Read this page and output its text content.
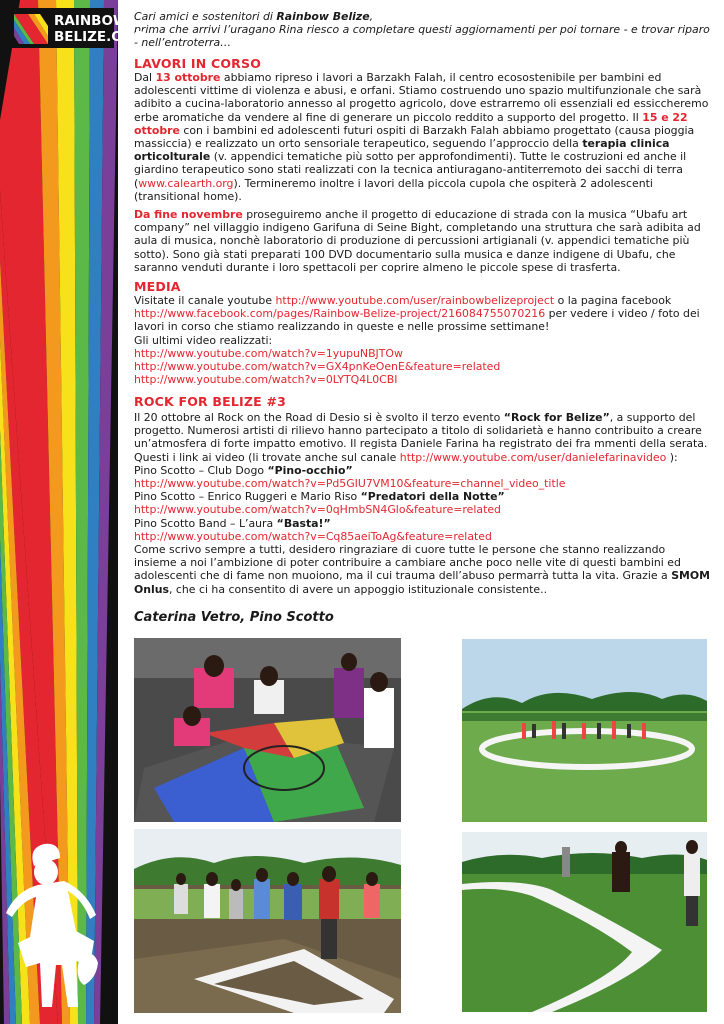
RAINBOW
BELIZE.ORG
Cari amici e sostenitori di Rainbow Belize,
prima che arrivi l’uragano Rina riesco a completare questi aggiornamenti per poi tornare - e trovar riparo - nell’entroterra…
LAVORI IN CORSO
Dal 13 ottobre abbiamo ripreso i lavori a Barzakh Falah, il centro ecosostenibile per bambini ed adolescenti vittime di violenza e abusi, e orfani. Stiamo costruendo uno spazio multifunzionale che sarà adibito a cucina-laboratorio annesso al progetto agricolo, dove estrarremo oli essenziali ed essiccheremo erbe aromatiche da vendere al fine di generare un piccolo reddito a supporto del progetto. Il 15 e 22 ottobre con i bambini ed adolescenti futuri ospiti di Barzakh Falah abbiamo progettato (causa pioggia massiccia) e realizzato un orto sensoriale terapeutico, seguendo l’approccio della terapia clinica orticolturale (v. appendici tematiche più sotto per approfondimenti). Tutte le costruzioni ed anche il giardino terapeutico sono stati realizzati con la tecnica antiuragano-antiterremoto dei sacchi di terra (www.calearth.org). Termineremo inoltre i lavori della piccola cupola che ospiterà 2 adolescenti (transitional home).
Da fine novembre proseguiremo anche il progetto di educazione di strada con la musica “Ubafu art company” nel villaggio indigeno Garifuna di Seine Bight, completando una struttura che sarà adibita ad aula di musica, nonchè laboratorio di produzione di percussioni artigianali (v. appendici tematiche più sotto). Sono già stati preparati 100 DVD documentario sulla musica e danze indigene di Ubafu, che saranno venduti durante i loro spettacoli per coprire almeno le piccole spese di trasferta.
MEDIA
Visitate il canale youtube http://www.youtube.com/user/rainbowbelizeproject o la pagina facebook http://www.facebook.com/pages/Rainbow-Belize-project/216084755070216 per vedere i video / foto dei lavori in corso che stiamo realizzando in queste e nelle prossime settimane!
Gli ultimi video realizzati:
http://www.youtube.com/watch?v=1yupuNBJTOw
http://www.youtube.com/watch?v=GX4pnKeOenE&feature=related
http://www.youtube.com/watch?v=0LYTQ4L0CBI
ROCK FOR BELIZE #3
Il 20 ottobre al Rock on the Road di Desio si è svolto il terzo evento “Rock for Belize”, a supporto del progetto. Numerosi artisti di rilievo hanno partecipato a titolo di solidarietà e hanno contribuito a creare un’atmosfera di forte impatto emotivo. Il regista Daniele Farina ha registrato dei fra mmenti della serata. Questi i link ai video (li trovate anche sul canale http://www.youtube.com/user/danielefarinavideo ):
Pino Scotto – Club Dogo “Pino-occhio”
http://www.youtube.com/watch?v=Pd5GIU7VM10&feature=channel_video_title
Pino Scotto – Enrico Ruggeri e Mario Riso “Predatori della Notte”
http://www.youtube.com/watch?v=0qHmbSN4Glo&feature=related
Pino Scotto Band – L’aura “Basta!”
http://www.youtube.com/watch?v=Cq85aeiToAg&feature=related
Come scrivo sempre a tutti, desidero ringraziare di cuore tutte le persone che stanno realizzando insieme a noi l’ambizione di poter contribuire a cambiare anche poco nelle vite di questi bambini ed adolescenti che di fame non muoiono, ma il cui trauma dell’abuso permarrà tutta la vita. Grazie a SMOM Onlus, che ci ha consentito di avere un appoggio istituzionale consistente..
Caterina Vetro, Pino Scotto
